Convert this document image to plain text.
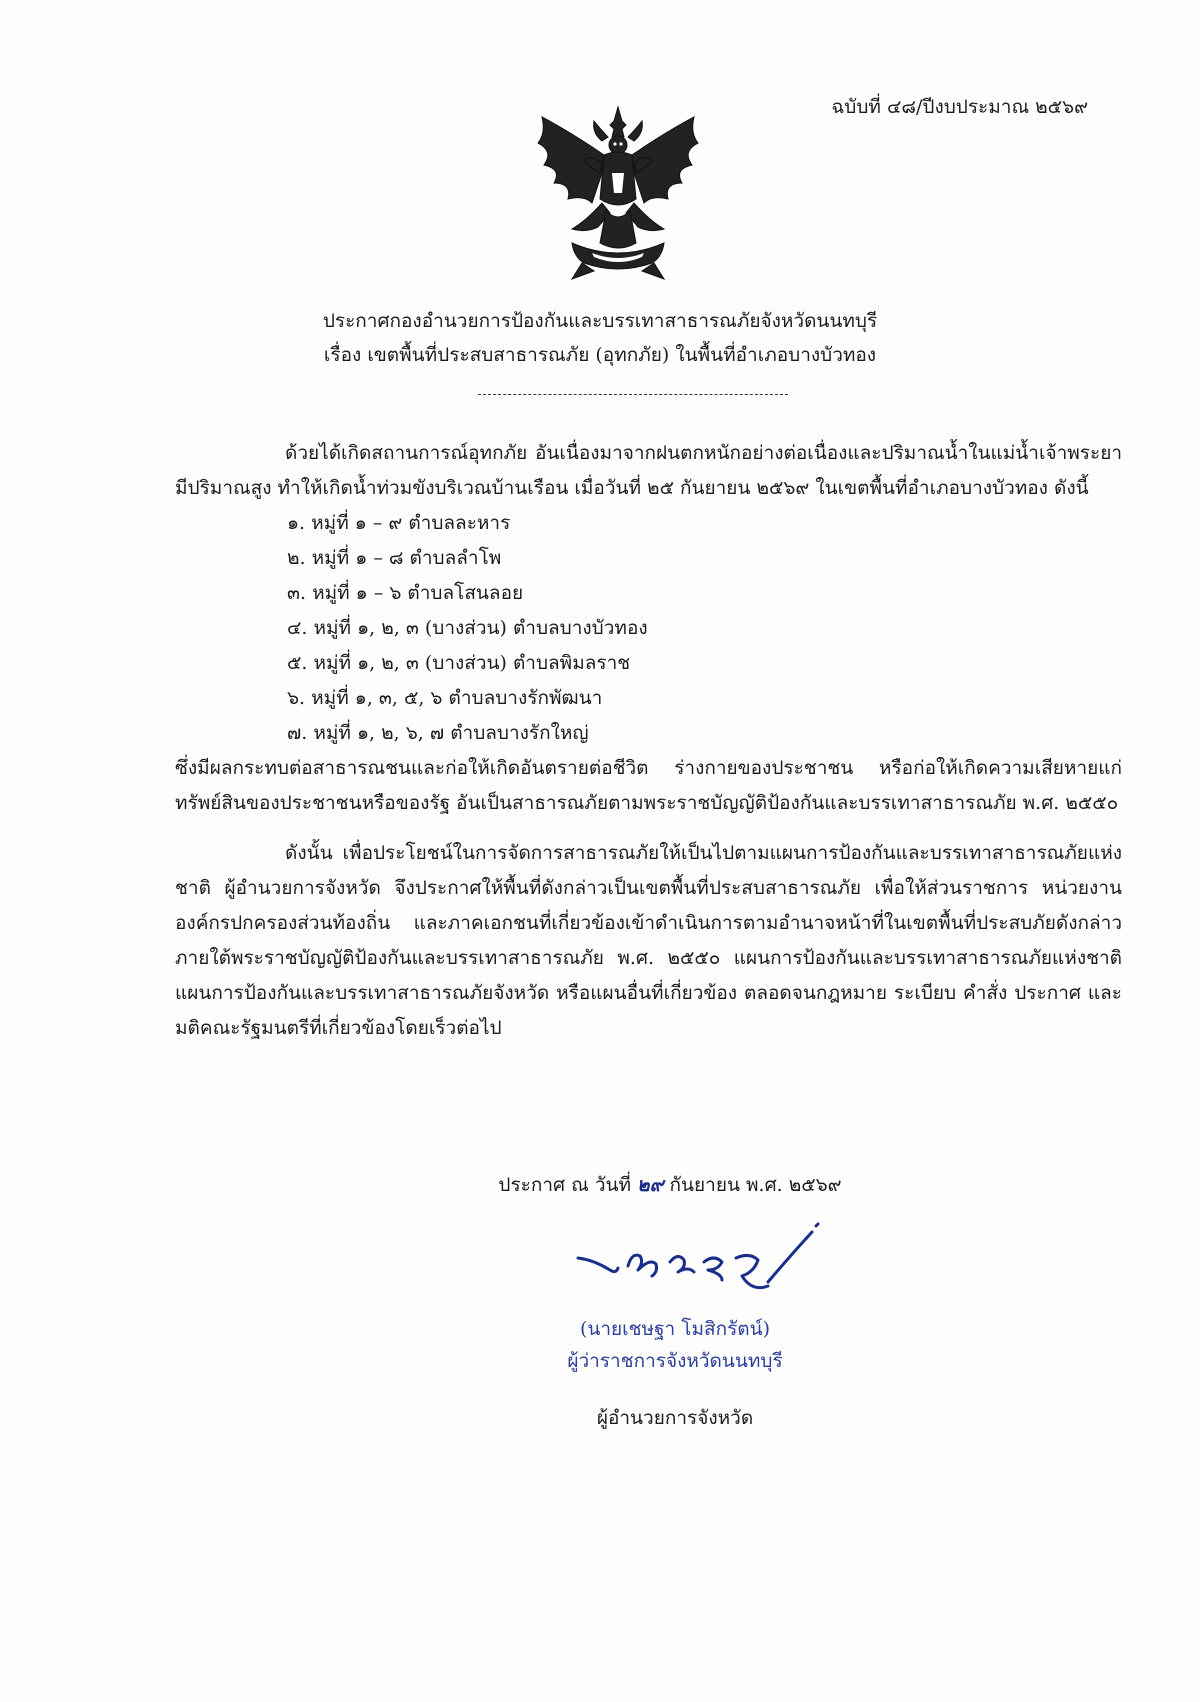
ฉบับที่ ๔๘/ปีงบประมาณ ๒๕๖๙
ประกาศกองอำนวยการป้องกันและบรรเทาสาธารณภัยจังหวัดนนทบุรี
เรื่อง เขตพื้นที่ประสบสาธารณภัย (อุทกภัย) ในพื้นที่อำเภอบางบัวทอง

ด้วยได้เกิดสถานการณ์อุทกภัย อันเนื่องมาจากฝนตกหนักอย่างต่อเนื่องและปริมาณน้ำในแม่น้ำเจ้าพระยามีปริมาณสูง ทำให้เกิดน้ำท่วมขังบริเวณบ้านเรือน เมื่อวันที่ ๒๕ กันยายน ๒๕๖๙ ในเขตพื้นที่อำเภอบางบัวทอง ดังนี้

๑. หมู่ที่ ๑ – ๙ ตำบลละหาร
๒. หมู่ที่ ๑ – ๘ ตำบลลำโพ
๓. หมู่ที่ ๑ – ๖ ตำบลโสนลอย
๔. หมู่ที่ ๑, ๒, ๓ (บางส่วน) ตำบลบางบัวทอง
๕. หมู่ที่ ๑, ๒, ๓ (บางส่วน) ตำบลพิมลราช
๖. หมู่ที่ ๑, ๓, ๕, ๖ ตำบลบางรักพัฒนา
๗. หมู่ที่ ๑, ๒, ๖, ๗ ตำบลบางรักใหญ่

ซึ่งมีผลกระทบต่อสาธารณชนและก่อให้เกิดอันตรายต่อชีวิต ร่างกายของประชาชน หรือก่อให้เกิดความเสียหายแก่ทรัพย์สินของประชาชนหรือของรัฐ อันเป็นสาธารณภัยตามพระราชบัญญัติป้องกันและบรรเทาสาธารณภัย พ.ศ. ๒๕๕๐

ดังนั้น เพื่อประโยชน์ในการจัดการสาธารณภัยให้เป็นไปตามแผนการป้องกันและบรรเทาสาธารณภัยแห่งชาติ ผู้อำนวยการจังหวัด จึงประกาศให้พื้นที่ดังกล่าวเป็นเขตพื้นที่ประสบสาธารณภัย เพื่อให้ส่วนราชการ หน่วยงาน องค์กรปกครองส่วนท้องถิ่น และภาคเอกชนที่เกี่ยวข้องเข้าดำเนินการตามอำนาจหน้าที่ในเขตพื้นที่ประสบภัยดังกล่าว ภายใต้พระราชบัญญัติป้องกันและบรรเทาสาธารณภัย พ.ศ. ๒๕๕๐ แผนการป้องกันและบรรเทาสาธารณภัยแห่งชาติ แผนการป้องกันและบรรเทาสาธารณภัยจังหวัด หรือแผนอื่นที่เกี่ยวข้อง ตลอดจนกฎหมาย ระเบียบ คำสั่ง ประกาศ และมติคณะรัฐมนตรีที่เกี่ยวข้องโดยเร็วต่อไป

ประกาศ ณ วันที่ ๒๙ กันยายน พ.ศ. ๒๕๖๙
(นายเชษฐา โมสิกรัตน์)
ผู้ว่าราชการจังหวัดนนทบุรี
ผู้อำนวยการจังหวัด
